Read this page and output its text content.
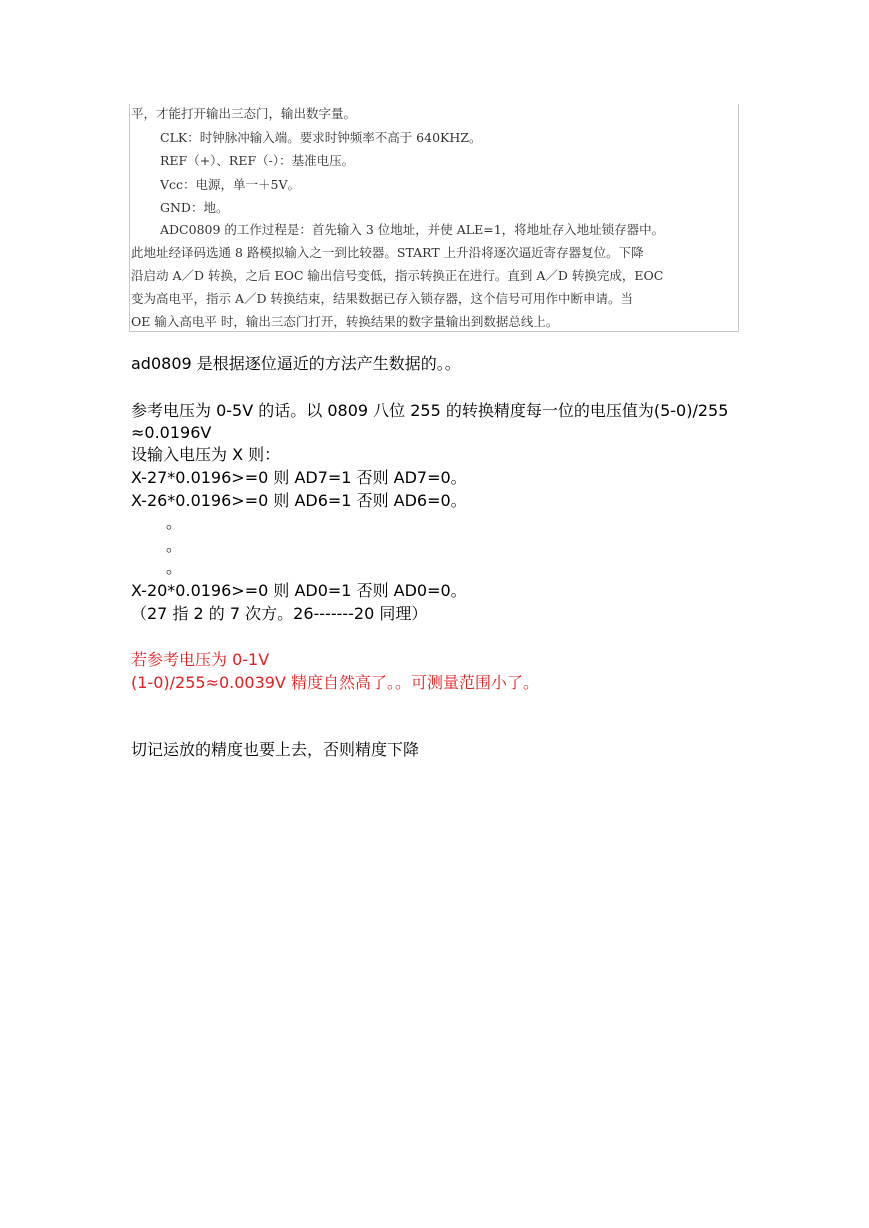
平，才能打开输出三态门，输出数字量。
CLK：时钟脉冲输入端。要求时钟频率不高于 640KHZ。
REF（+）、REF（-）：基准电压。
Vcc：电源，单一＋5V。
GND：地。
ADC0809 的工作过程是：首先输入 3 位地址，并使 ALE=1，将地址存入地址锁存器中。
此地址经译码选通 8 路模拟输入之一到比较器。START 上升沿将逐次逼近寄存器复位。下降
沿启动 A／D 转换，之后 EOC 输出信号变低，指示转换正在进行。直到 A／D 转换完成，EOC
变为高电平，指示 A／D 转换结束，结果数据已存入锁存器，这个信号可用作中断申请。当
OE 输入高电平 时，输出三态门打开，转换结果的数字量输出到数据总线上。
ad0809 是根据逐位逼近的方法产生数据的。。
参考电压为 0-5V 的话。以 0809 八位 255 的转换精度每一位的电压值为(5-0)/255
≈0.0196V
设输入电压为 X 则：
X-27*0.0196>=0 则 AD7=1 否则 AD7=0。
X-26*0.0196>=0 则 AD6=1 否则 AD6=0。
。
。
。
X-20*0.0196>=0 则 AD0=1 否则 AD0=0。
（27 指 2 的 7 次方。26-------20 同理）
若参考电压为 0-1V
(1-0)/255≈0.0039V 精度自然高了。。可测量范围小了。
切记运放的精度也要上去，否则精度下降
